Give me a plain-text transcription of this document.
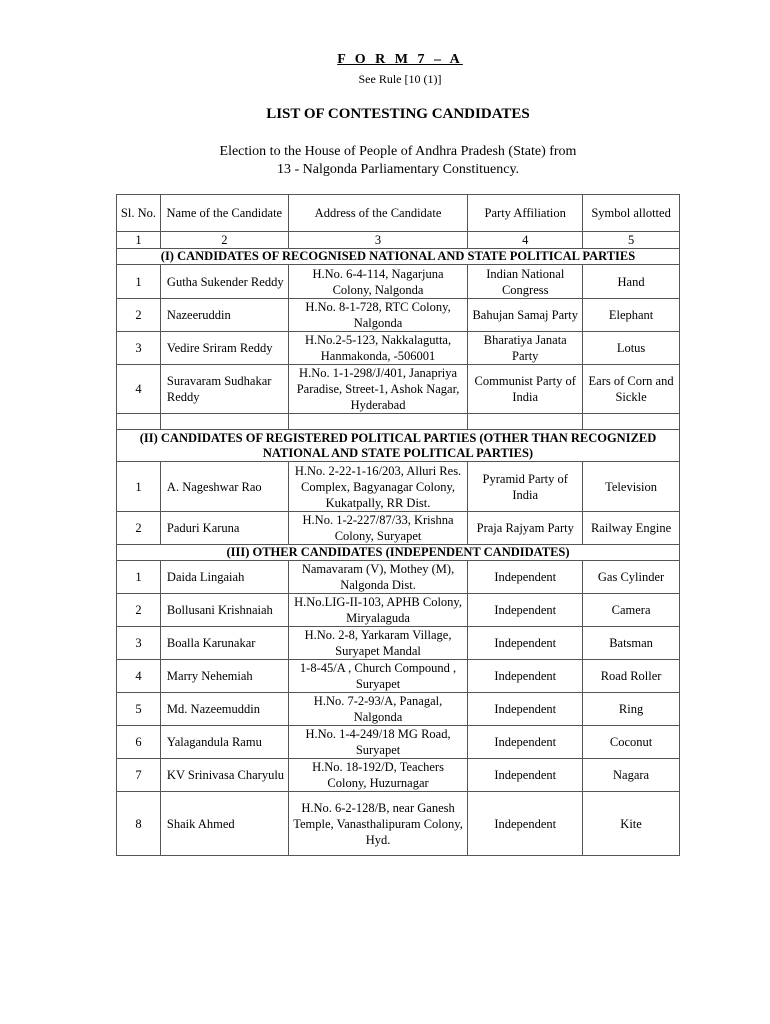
F O R M 7 – A
See Rule [10 (1)]
LIST OF CONTESTING CANDIDATES
Election to the House of People of Andhra Pradesh (State) from
13 - Nalgonda Parliamentary Constituency.
Sl. No.	Name of the Candidate	Address of the Candidate	Party Affiliation	Symbol allotted
1	2	3	4	5
(I) CANDIDATES OF RECOGNISED NATIONAL AND STATE POLITICAL PARTIES				
1	Gutha Sukender Reddy	H.No. 6-4-114, Nagarjuna Colony, Nalgonda	Indian National Congress	Hand
2	Nazeeruddin	H.No. 8-1-728, RTC Colony, Nalgonda	Bahujan Samaj Party	Elephant
3	Vedire Sriram Reddy	H.No.2-5-123, Nakkalagutta, Hanmakonda, -506001	Bharatiya Janata Party	Lotus
4	Suravaram Sudhakar Reddy	H.No. 1-1-298/J/401, Janapriya Paradise, Street-1, Ashok Nagar, Hyderabad	Communist Party of India	Ears of Corn and Sickle

(II) CANDIDATES OF REGISTERED POLITICAL PARTIES (OTHER THAN RECOGNIZED NATIONAL AND STATE POLITICAL PARTIES)				
1	A. Nageshwar Rao	H.No. 2-22-1-16/203, Alluri Res. Complex, Bagyanagar Colony, Kukatpally, RR Dist.	Pyramid Party of India	Television
2	Paduri Karuna	H.No. 1-2-227/87/33, Krishna Colony, Suryapet	Praja Rajyam Party	Railway Engine
(III) OTHER CANDIDATES (INDEPENDENT CANDIDATES)				
1	Daida Lingaiah	Namavaram (V), Mothey (M), Nalgonda Dist.	Independent	Gas Cylinder
2	Bollusani Krishnaiah	H.No.LIG-II-103, APHB Colony, Miryalaguda	Independent	Camera
3	Boalla Karunakar	H.No. 2-8, Yarkaram Village, Suryapet Mandal	Independent	Batsman
4	Marry Nehemiah	1-8-45/A , Church Compound , Suryapet	Independent	Road Roller
5	Md. Nazeemuddin	H.No. 7-2-93/A, Panagal, Nalgonda	Independent	Ring
6	Yalagandula Ramu	H.No. 1-4-249/18 MG Road, Suryapet	Independent	Coconut
7	KV Srinivasa Charyulu	H.No. 18-192/D, Teachers Colony, Huzurnagar	Independent	Nagara
8	Shaik Ahmed	H.No. 6-2-128/B, near Ganesh Temple, Vanasthalipuram Colony, Hyd.	Independent	Kite
